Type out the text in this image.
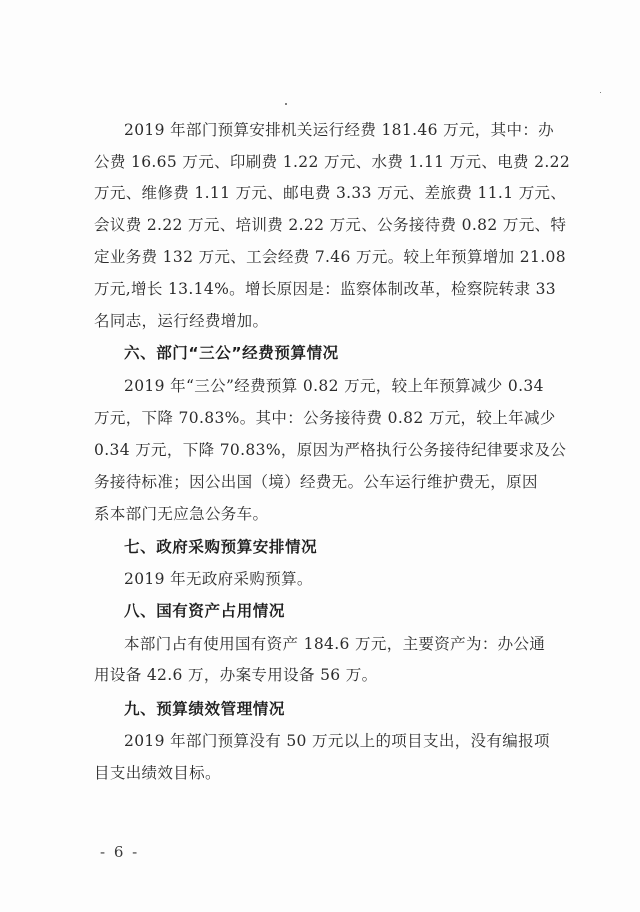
2019 年部门预算安排机关运行经费 181.46 万元，其中：办
公费 16.65 万元、印刷费 1.22 万元、水费 1.11 万元、电费 2.22
万元、维修费 1.11 万元、邮电费 3.33 万元、差旅费 11.1 万元、
会议费 2.22 万元、培训费 2.22 万元、公务接待费 0.82 万元、特
定业务费 132 万元、工会经费 7.46 万元。较上年预算增加 21.08
万元,增长 13.14%。增长原因是：监察体制改革，检察院转隶 33
名同志，运行经费增加。
六、部门“三公”经费预算情况
2019 年“三公”经费预算 0.82 万元，较上年预算减少 0.34
万元，下降 70.83%。其中：公务接待费 0.82 万元，较上年减少
0.34 万元，下降 70.83%，原因为严格执行公务接待纪律要求及公
务接待标准；因公出国（境）经费无。公车运行维护费无，原因
系本部门无应急公务车。
七、政府采购预算安排情况
2019 年无政府采购预算。
八、国有资产占用情况
本部门占有使用国有资产 184.6 万元，主要资产为：办公通
用设备 42.6 万，办案专用设备 56 万。
九、预算绩效管理情况
2019 年部门预算没有 50 万元以上的项目支出，没有编报项
目支出绩效目标。
- 6 -
